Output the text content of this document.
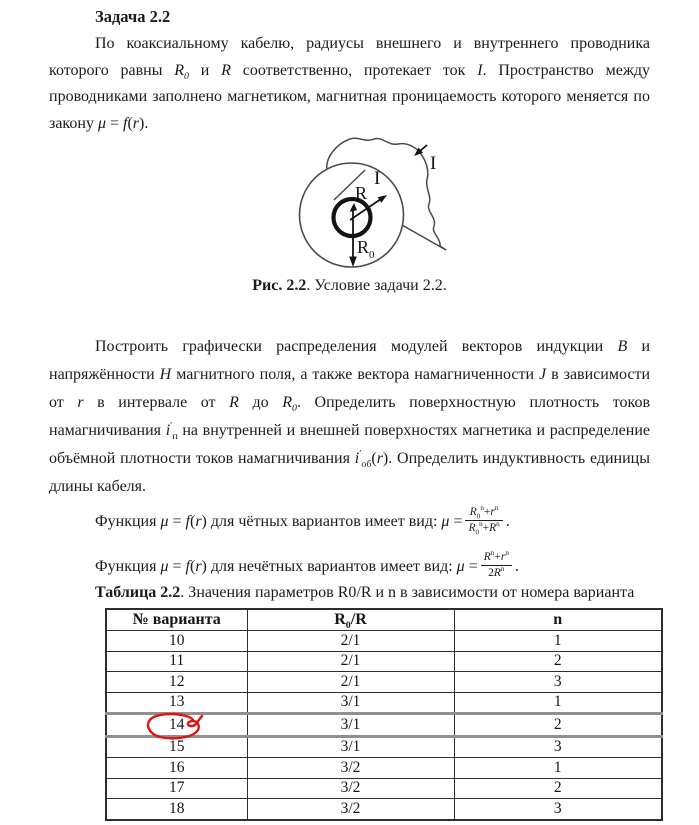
Задача 2.2
По коаксиальному кабелю, радиусы внешнего и внутреннего проводника
которого равны $R_0$ и R соответственно, протекает ток I. Пространство между
проводниками заполнено магнетиком, магнитная проницаемость которого меняется по
закону μ = f(r).
R
I
R 0
I
Рис. 2.2. Условие задачи 2.2.
Построить графически распределения модулей векторов индукции B и
напряжённости H магнитного поля, а также вектора намагниченности J в зависимости
от r в интервале от R до $R_0$. Определить поверхностную плотность токов
намагничивания $i'_п$ на внутренней и внешней поверхностях магнетика и распределение
объёмной плотности токов намагничивания $i'_{об}(r)$. Определить индуктивность единицы
длины кабеля.
Функция μ = f(r) для чётных вариантов имеет вид: $\mu = \frac{R_0^n+r^n}{R_0^n+R^n}$ .
Функция μ = f(r) для нечётных вариантов имеет вид: $\mu = \frac{R^n+r^n}{2R^n}$ .
Таблица 2.2. Значения параметров R0/R и n в зависимости от номера варианта
№ варианта	$R_0/R$	n
10	2/1	1
11	2/1	2
12	2/1	3
13	3/1	1
14	3/1	2
15	3/1	3
16	3/2	1
17	3/2	2
18	3/2	3
